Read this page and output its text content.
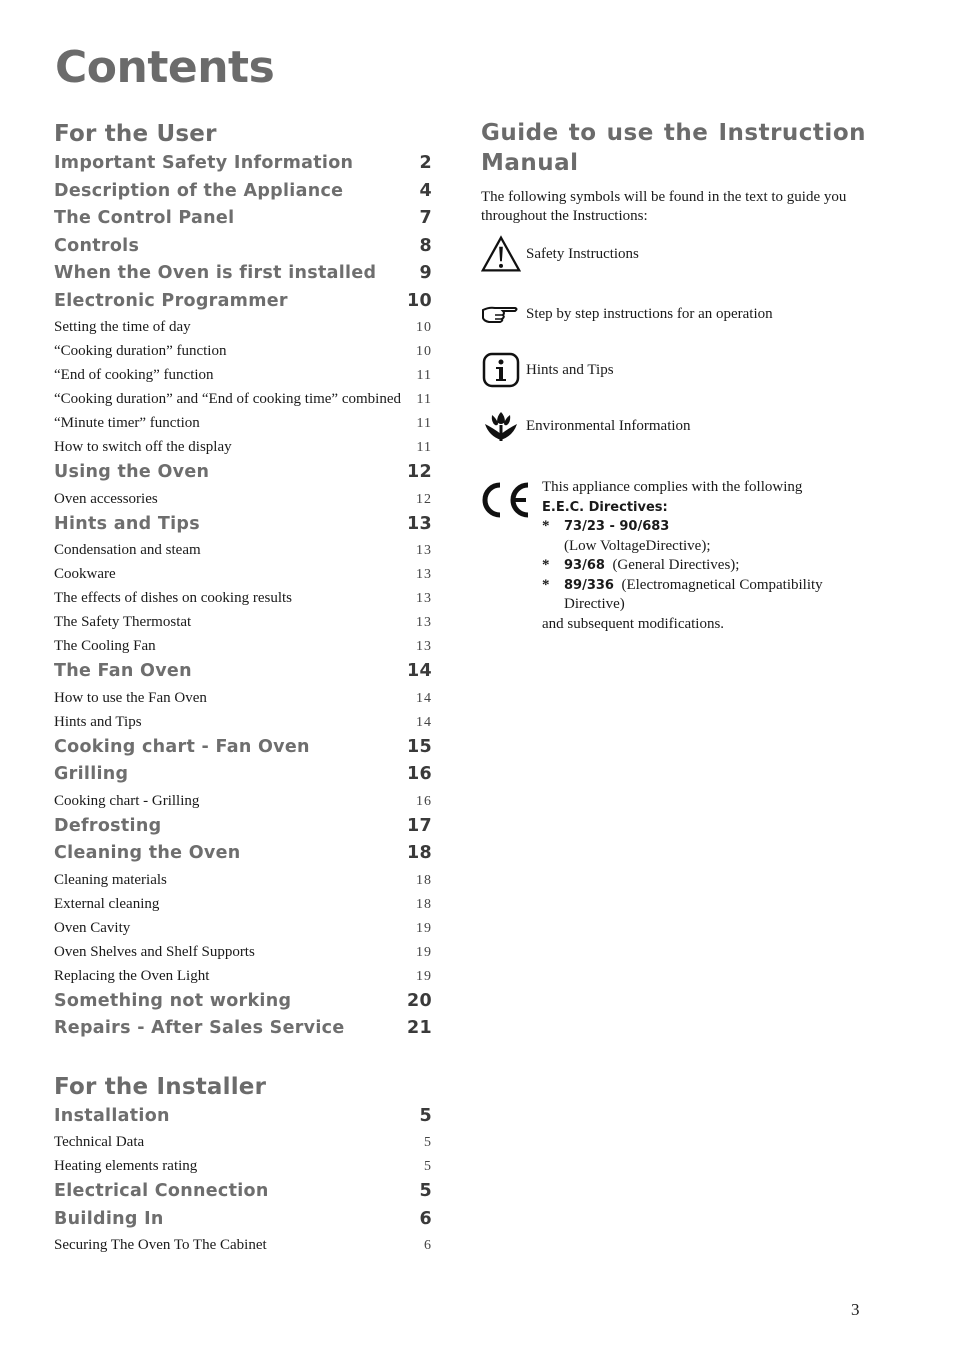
Contents
For the User
Important Safety Information	2
Description of the Appliance	4
The Control Panel	7
Controls	8
When the Oven is first installed 9
Electronic Programmer	10
Setting the time of day	10
“Cooking duration” function	10
“End of cooking” function	11
“Cooking duration” and “End of cooking time” combined 11
“Minute timer” function	11
How to switch off the display	11
Using the Oven	12
Oven accessories	12
Hints and Tips	13
Condensation and steam	13
Cookware	13
The effects of dishes on cooking results	13
The Safety Thermostat	13
The Cooling Fan	13
The Fan Oven	14
How to use the Fan Oven	14
Hints and Tips	14
Cooking chart - Fan Oven	15
Grilling	16
Cooking chart - Grilling	16
Defrosting	17
Cleaning the Oven	18
Cleaning materials	18
External cleaning	18
Oven Cavity	19
Oven Shelves and Shelf Supports	19
Replacing the Oven Light	19
Something not working	20
Repairs - After Sales Service	21
For the Installer
Installation	5
Technical Data	5
Heating elements rating	5
Electrical Connection	5
Building In	6
Securing The Oven To The Cabinet	6
Guide to use the Instruction Manual
The following symbols will be found in the text to guide you throughout the Instructions:
Safety Instructions
Step by step instructions for an operation
Hints and Tips
Environmental Information
This appliance complies with the following
E.E.C. Directives:
*	73/23 - 90/683
(Low VoltageDirective);
*	93/68 (General Directives);
*	89/336 (Electromagnetical Compatibility
Directive)
and subsequent modifications.
3
